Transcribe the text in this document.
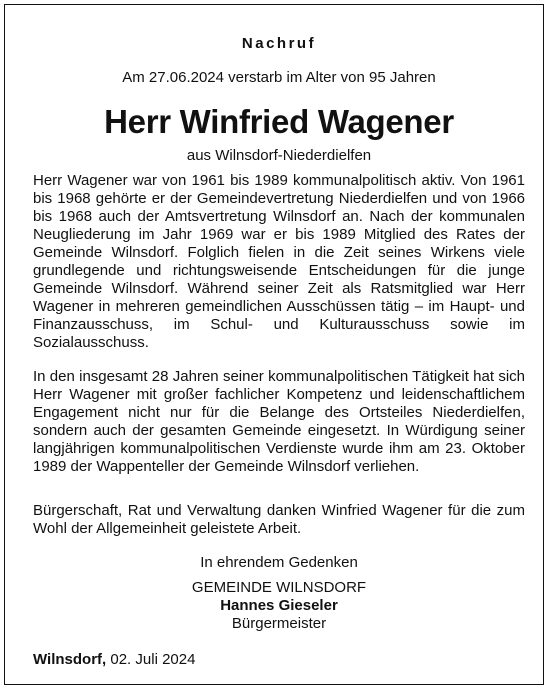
Nachruf
Am 27.06.2024 verstarb im Alter von 95 Jahren
Herr Winfried Wagener
aus Wilnsdorf-Niederdielfen

Herr Wagener war von 1961 bis 1989 kommunalpolitisch aktiv. Von 1961 bis 1968 gehörte er der Gemeindevertretung Niederdielfen und von 1966 bis 1968 auch der Amtsvertretung Wilnsdorf an. Nach der kommunalen Neugliederung im Jahr 1969 war er bis 1989 Mitglied des Rates der Gemeinde Wilnsdorf. Folglich fielen in die Zeit seines Wirkens viele grundlegende und richtungsweisende Entscheidungen für die junge Gemeinde Wilnsdorf. Während seiner Zeit als Ratsmitglied war Herr Wagener in mehreren gemeindlichen Ausschüssen tätig – im Haupt- und Finanzausschuss, im Schul- und Kulturausschuss sowie im Sozialausschuss.

In den insgesamt 28 Jahren seiner kommunalpolitischen Tätigkeit hat sich Herr Wagener mit großer fachlicher Kompetenz und leidenschaftlichem Engagement nicht nur für die Belange des Ortsteiles Niederdielfen, sondern auch der gesamten Gemeinde eingesetzt. In Würdigung seiner langjährigen kommunalpolitischen Verdienste wurde ihm am 23. Oktober 1989 der Wappenteller der Gemeinde Wilnsdorf verliehen.

Bürgerschaft, Rat und Verwaltung danken Winfried Wagener für die zum Wohl der Allgemeinheit geleistete Arbeit.

In ehrendem Gedenken
GEMEINDE WILNSDORF
Hannes Gieseler
Bürgermeister
Wilnsdorf, 02. Juli 2024
